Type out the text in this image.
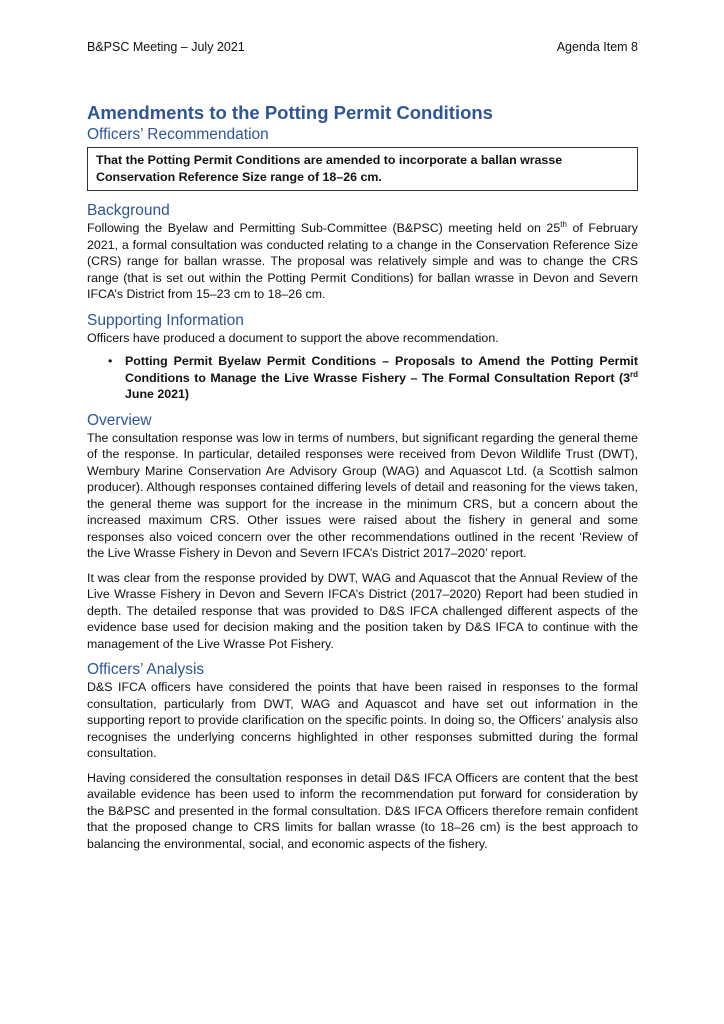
B&PSC Meeting – July 2021	Agenda Item 8
Amendments to the Potting Permit Conditions
Officers’ Recommendation
That the Potting Permit Conditions are amended to incorporate a ballan wrasse Conservation Reference Size range of 18–26 cm.
Background

Following the Byelaw and Permitting Sub-Committee (B&PSC) meeting held on 25th of February 2021, a formal consultation was conducted relating to a change in the Conservation Reference Size (CRS) range for ballan wrasse. The proposal was relatively simple and was to change the CRS range (that is set out within the Potting Permit Conditions) for ballan wrasse in Devon and Severn IFCA’s District from 15–23 cm to 18–26 cm.

Supporting Information

Officers have produced a document to support the above recommendation.

•	Potting Permit Byelaw Permit Conditions – Proposals to Amend the Potting Permit Conditions to Manage the Live Wrasse Fishery – The Formal Consultation Report (3rd June 2021)
Overview

The consultation response was low in terms of numbers, but significant regarding the general theme of the response. In particular, detailed responses were received from Devon Wildlife Trust (DWT), Wembury Marine Conservation Are Advisory Group (WAG) and Aquascot Ltd. (a Scottish salmon producer). Although responses contained differing levels of detail and reasoning for the views taken, the general theme was support for the increase in the minimum CRS, but a concern about the increased maximum CRS. Other issues were raised about the fishery in general and some responses also voiced concern over the other recommendations outlined in the recent ‘Review of the Live Wrasse Fishery in Devon and Severn IFCA’s District 2017–2020’ report.

It was clear from the response provided by DWT, WAG and Aquascot that the Annual Review of the Live Wrasse Fishery in Devon and Severn IFCA’s District (2017–2020) Report had been studied in depth. The detailed response that was provided to D&S IFCA challenged different aspects of the evidence base used for decision making and the position taken by D&S IFCA to continue with the management of the Live Wrasse Pot Fishery.

Officers’ Analysis

D&S IFCA officers have considered the points that have been raised in responses to the formal consultation, particularly from DWT, WAG and Aquascot and have set out information in the supporting report to provide clarification on the specific points. In doing so, the Officers’ analysis also recognises the underlying concerns highlighted in other responses submitted during the formal consultation.

Having considered the consultation responses in detail D&S IFCA Officers are content that the best available evidence has been used to inform the recommendation put forward for consideration by the B&PSC and presented in the formal consultation. D&S IFCA Officers therefore remain confident that the proposed change to CRS limits for ballan wrasse (to 18–26 cm) is the best approach to balancing the environmental, social, and economic aspects of the fishery.
